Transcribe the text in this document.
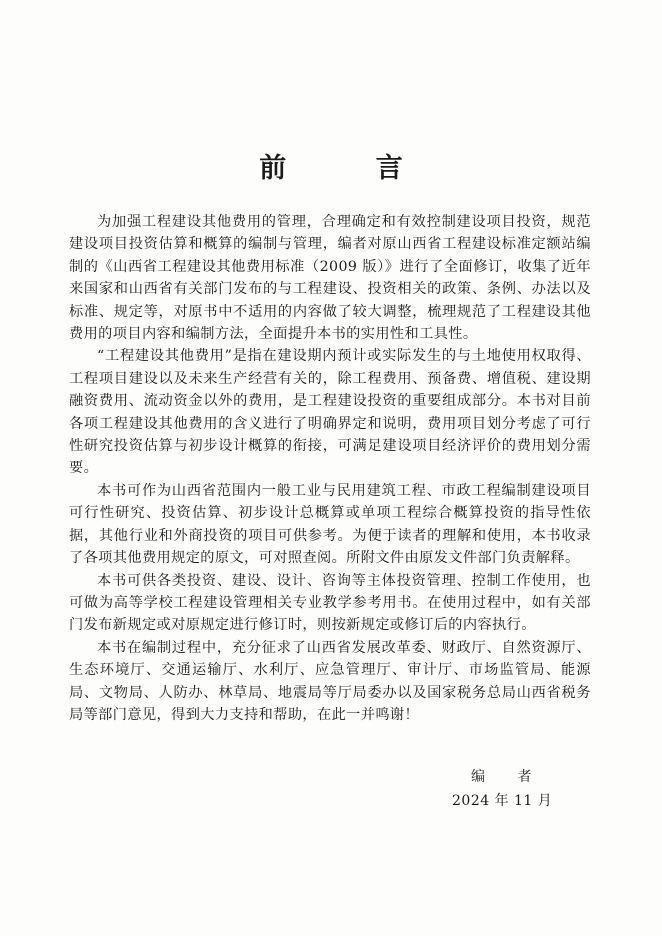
前 言

为加强工程建设其他费用的管理，合理确定和有效控制建设项目投资，规范建设项目投资估算和概算的编制与管理，编者对原山西省工程建设标准定额站编制的《山西省工程建设其他费用标准（2009 版）》进行了全面修订，收集了近年来国家和山西省有关部门发布的与工程建设、投资相关的政策、条例、办法以及标准、规定等，对原书中不适用的内容做了较大调整，梳理规范了工程建设其他费用的项目内容和编制方法，全面提升本书的实用性和工具性。

“工程建设其他费用”是指在建设期内预计或实际发生的与土地使用权取得、工程项目建设以及未来生产经营有关的，除工程费用、预备费、增值税、建设期融资费用、流动资金以外的费用，是工程建设投资的重要组成部分。本书对目前各项工程建设其他费用的含义进行了明确界定和说明，费用项目划分考虑了可行性研究投资估算与初步设计概算的衔接，可满足建设项目经济评价的费用划分需要。

本书可作为山西省范围内一般工业与民用建筑工程、市政工程编制建设项目可行性研究、投资估算、初步设计总概算或单项工程综合概算投资的指导性依据，其他行业和外商投资的项目可供参考。为便于读者的理解和使用，本书收录了各项其他费用规定的原文，可对照查阅。所附文件由原发文件部门负责解释。

本书可供各类投资、建设、设计、咨询等主体投资管理、控制工作使用，也可做为高等学校工程建设管理相关专业教学参考用书。在使用过程中，如有关部门发布新规定或对原规定进行修订时，则按新规定或修订后的内容执行。

本书在编制过程中，充分征求了山西省发展改革委、财政厅、自然资源厅、生态环境厅、交通运输厅、水利厅、应急管理厅、审计厅、市场监管局、能源局、文物局、人防办、林草局、地震局等厅局委办以及国家税务总局山西省税务局等部门意见，得到大力支持和帮助，在此一并鸣谢！

编 者
2024 年 11 月
